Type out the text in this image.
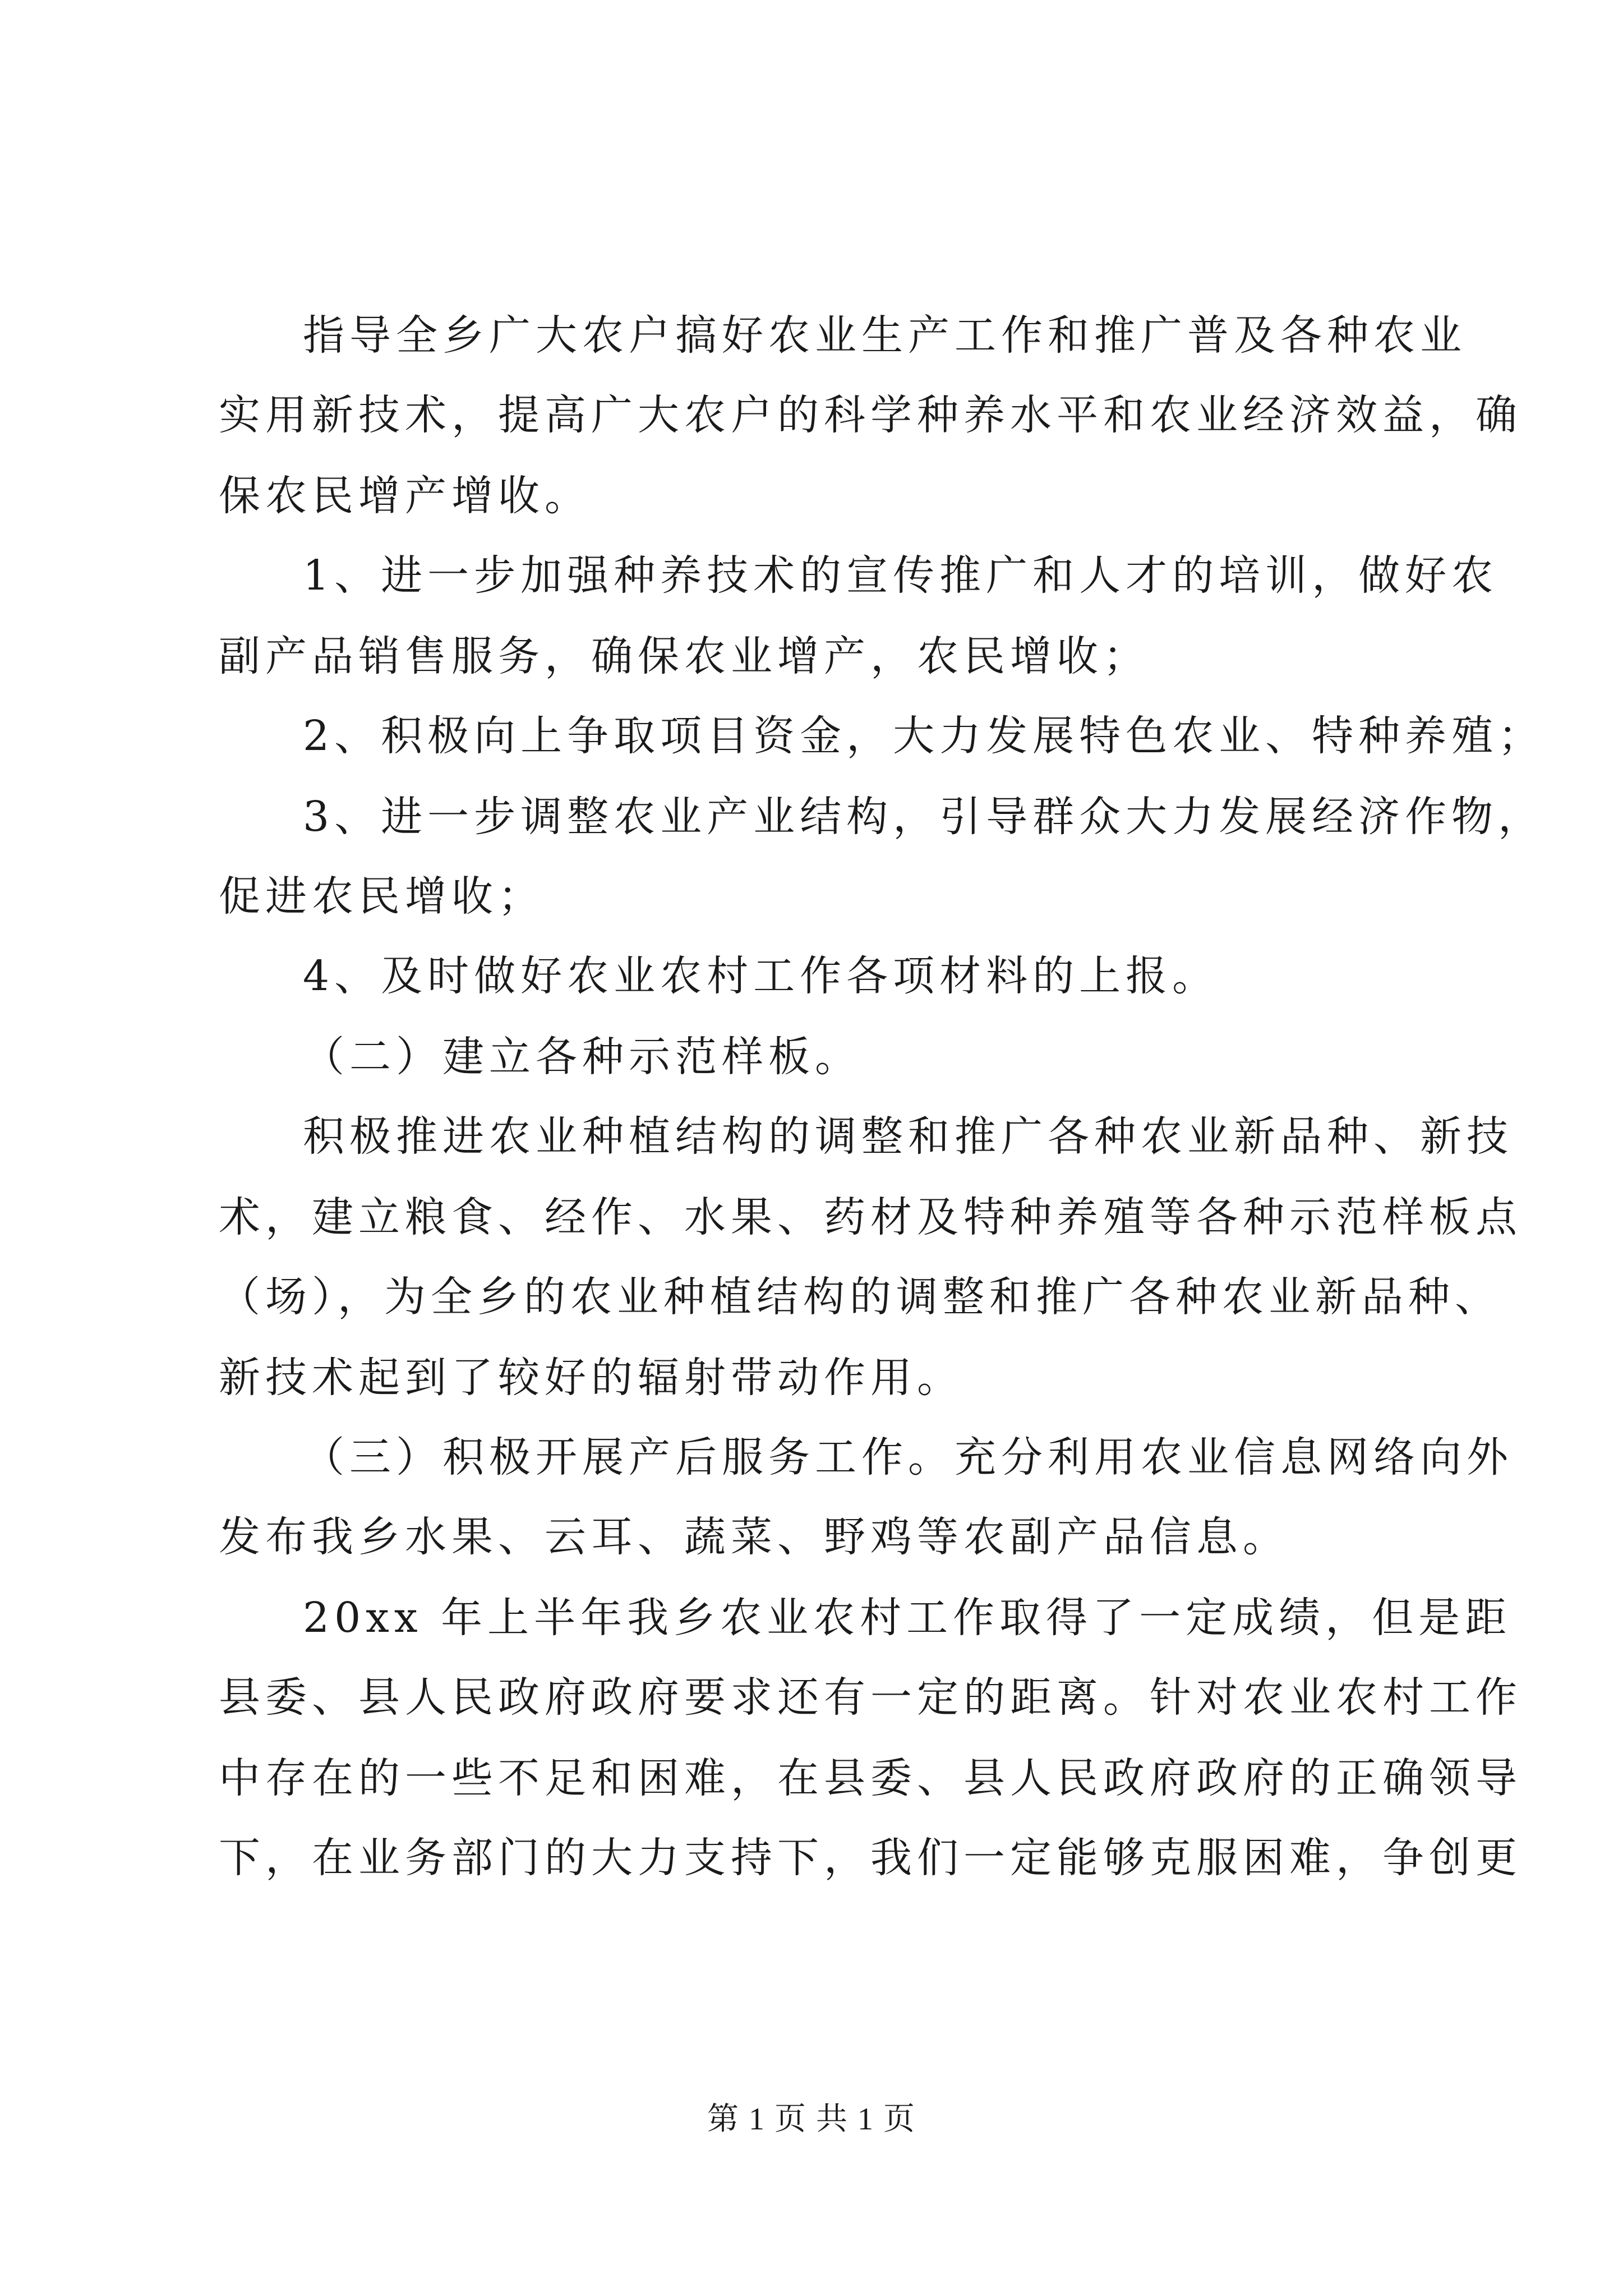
指导全乡广大农户搞好农业生产工作和推广普及各种农业
实用新技术，提高广大农户的科学种养水平和农业经济效益，确
保农民增产增收。
1、进一步加强种养技术的宣传推广和人才的培训，做好农
副产品销售服务，确保农业增产，农民增收；
2、积极向上争取项目资金，大力发展特色农业、特种养殖；
3、进一步调整农业产业结构，引导群众大力发展经济作物，
促进农民增收；
4、及时做好农业农村工作各项材料的上报。
（二）建立各种示范样板。
积极推进农业种植结构的调整和推广各种农业新品种、新技
术，建立粮食、经作、水果、药材及特种养殖等各种示范样板点
（场），为全乡的农业种植结构的调整和推广各种农业新品种、
新技术起到了较好的辐射带动作用。
（三）积极开展产后服务工作。充分利用农业信息网络向外
发布我乡水果、云耳、蔬菜、野鸡等农副产品信息。
20xx 年上半年我乡农业农村工作取得了一定成绩，但是距
县委、县人民政府政府要求还有一定的距离。针对农业农村工作
中存在的一些不足和困难，在县委、县人民政府政府的正确领导
下，在业务部门的大力支持下，我们一定能够克服困难，争创更
第 1 页 共 1 页
